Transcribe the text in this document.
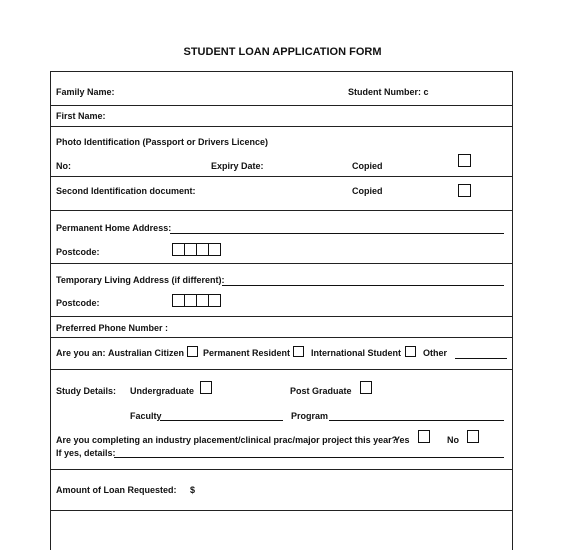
STUDENT LOAN APPLICATION FORM
Family Name:	Student Number: c
First Name:
Photo Identification (Passport or Drivers Licence)
No:	Expiry Date:	Copied
Second Identification document:	Copied
Permanent Home Address:
Postcode:
Temporary Living Address (if different):
Postcode:
Preferred Phone Number :
Are you an: Australian Citizen Permanent Resident International Student Other
Study Details: Undergraduate	Post Graduate
Faculty	Program
Are you completing an industry placement/clinical prac/major project this year?
Yes	No
If yes, details:
Amount of Loan Requested: $
